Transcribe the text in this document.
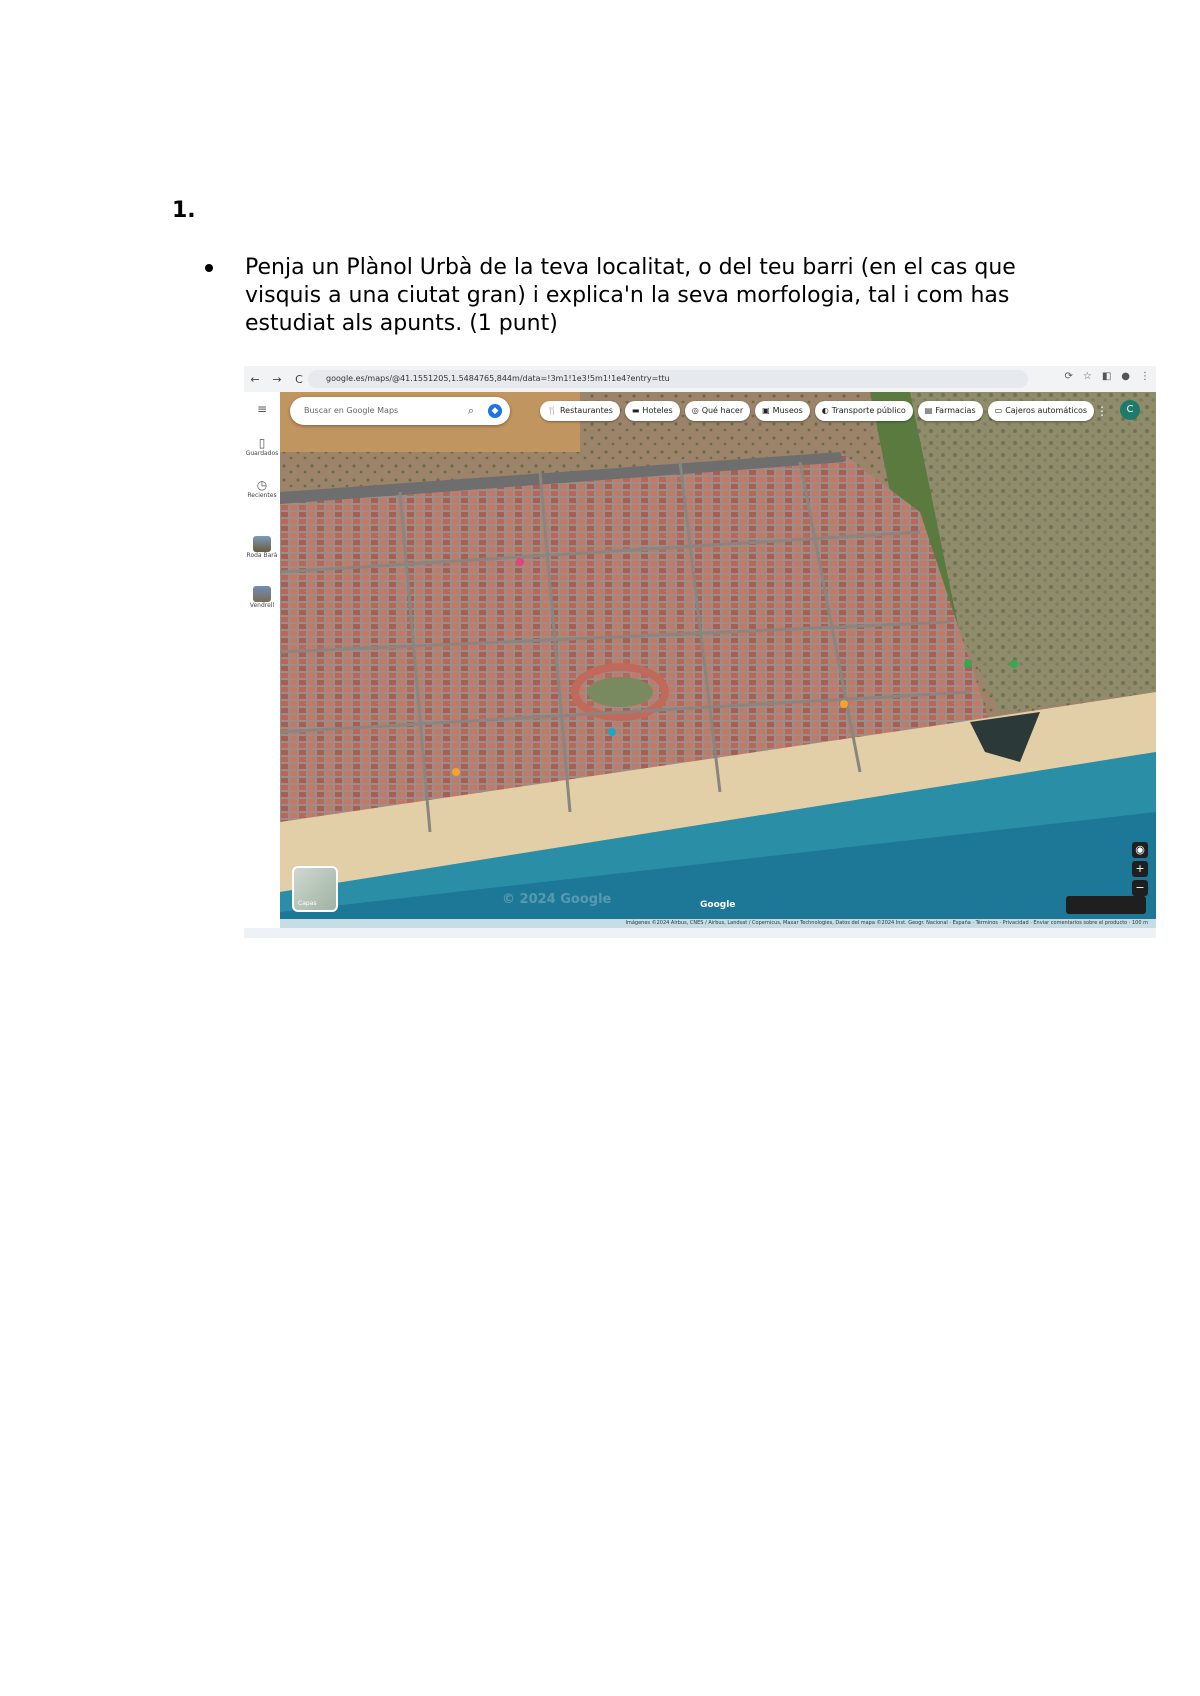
1.
Penja un Plànol Urbà de la teva localitat, o del teu barri (en el cas que visquis a una ciutat gran) i explica'n la seva morfologia, tal i com has estudiat als apunts. (1 punt)
←	→	C	google.es/maps/@41.1551205,1.5484765,844m/data=!3m1!1e3!5m1!1e4?entry=ttu	⟳ ☆ ◧ ● ⋮
≡
▯
Guardados
◷
Recientes
Roda Barà
Vendrell
Buscar en Google Maps	⌕	◆	🍴 Restaurantes	▬ Hoteles	◎ Qué hacer	▣ Museos	◐ Transporte público	▤ Farmacias	▭ Cajeros automáticos
⋮⋮⋮	C
Capas
◉
+
−
© 2024 Google	Google
Imágenes ©2024 Airbus, CNES / Airbus, Landsat / Copernicus, Maxar Technologies, Datos del mapa ©2024 Inst. Geogr. Nacional · España · Términos · Privacidad · Enviar comentarios sobre el producto · 100 m
